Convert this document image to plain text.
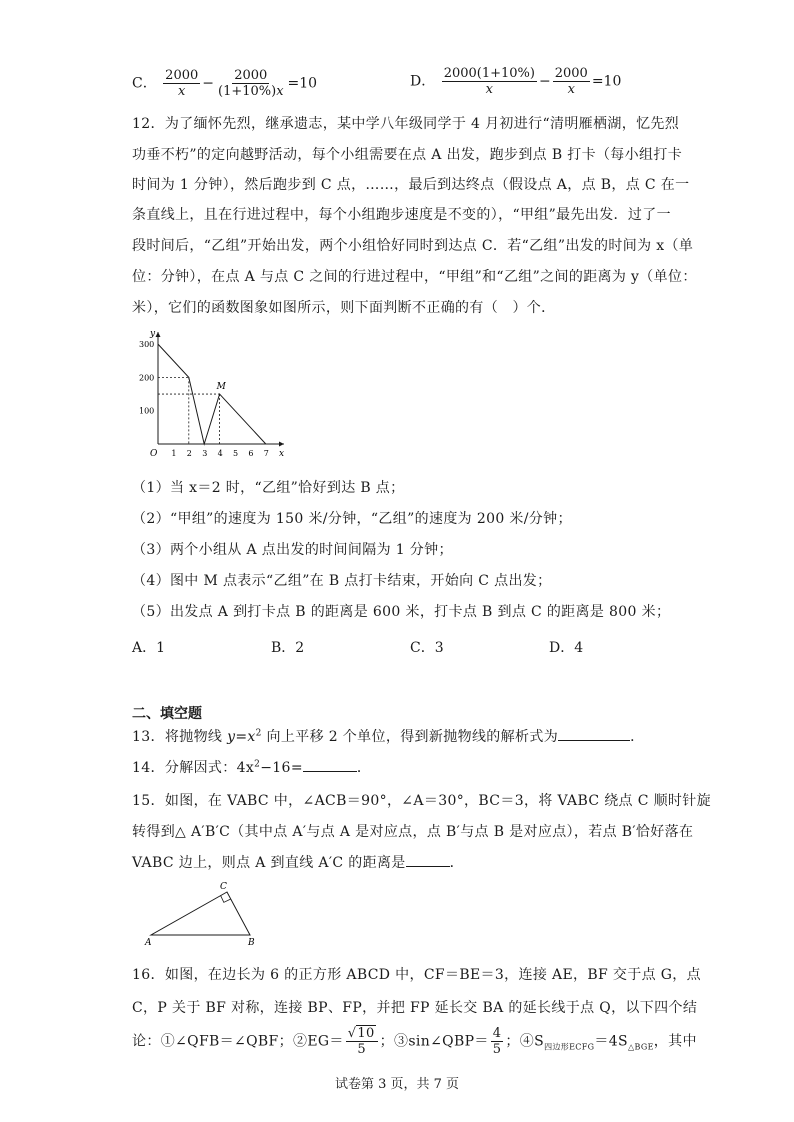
C． $\frac{2000}{x} - \frac{2000}{(1+10\%)x} =10$	D． $\frac{2000(1+10\%)}{x} - \frac{2000}{x} =10$
12．为了缅怀先烈，继承遗志，某中学八年级同学于 4 月初进行“清明雁栖湖，忆先烈
功垂不朽”的定向越野活动，每个小组需要在点 A 出发，跑步到点 B 打卡（每小组打卡
时间为 1 分钟），然后跑步到 C 点，……，最后到达终点（假设点 A，点 B，点 C 在一
条直线上，且在行进过程中，每个小组跑步速度是不变的），“甲组”最先出发．过了一
段时间后，“乙组”开始出发，两个小组恰好同时到达点 C．若“乙组”出发的时间为 x（单
位：分钟），在点 A 与点 C 之间的行进过程中，“甲组”和“乙组”之间的距离为 y（单位：
米），它们的函数图象如图所示，则下面判断不正确的有（　）个．
y
x
O
300
200
100
1 2 3 4 5 6 7
M
（1）当 x＝2 时，“乙组”恰好到达 B 点；
（2）“甲组”的速度为 150 米/分钟，“乙组”的速度为 200 米/分钟；
（3）两个小组从 A 点出发的时间间隔为 1 分钟；
（4）图中 M 点表示“乙组”在 B 点打卡结束，开始向 C 点出发；
（5）出发点 A 到打卡点 B 的距离是 600 米，打卡点 B 到点 C 的距离是 800 米；
A．1	B．2	C．3	D．4
二、填空题
13．将抛物线 $y=x^2$ 向上平移 2 个单位，得到新抛物线的解析式为	．
14．分解因式：$4x^2-16=$	．
15．如图，在 VABC 中，∠ACB＝90°，∠A＝30°，BC＝3，将 VABC 绕点 C 顺时针旋
转得到△ A′B′C（其中点 A′与点 A 是对应点，点 B′与点 B 是对应点），若点 B′恰好落在
VABC 边上，则点 A 到直线 A′C 的距离是	．
A	B
C
16．如图，在边长为 6 的正方形 ABCD 中，CF＝BE＝3，连接 AE，BF 交于点 G，点
C，P 关于 BF 对称，连接 BP、FP，并把 FP 延长交 BA 的延长线于点 Q，以下四个结
论：①∠QFB＝∠QBF；②EG＝ $\frac{√10}{5}$ ；③sin∠QBP＝ $\frac{4}{5}$ ；$④S_{四边形ECFG}=4S_{\triangle BGE}$，其中
试卷第 3 页，共 7 页
